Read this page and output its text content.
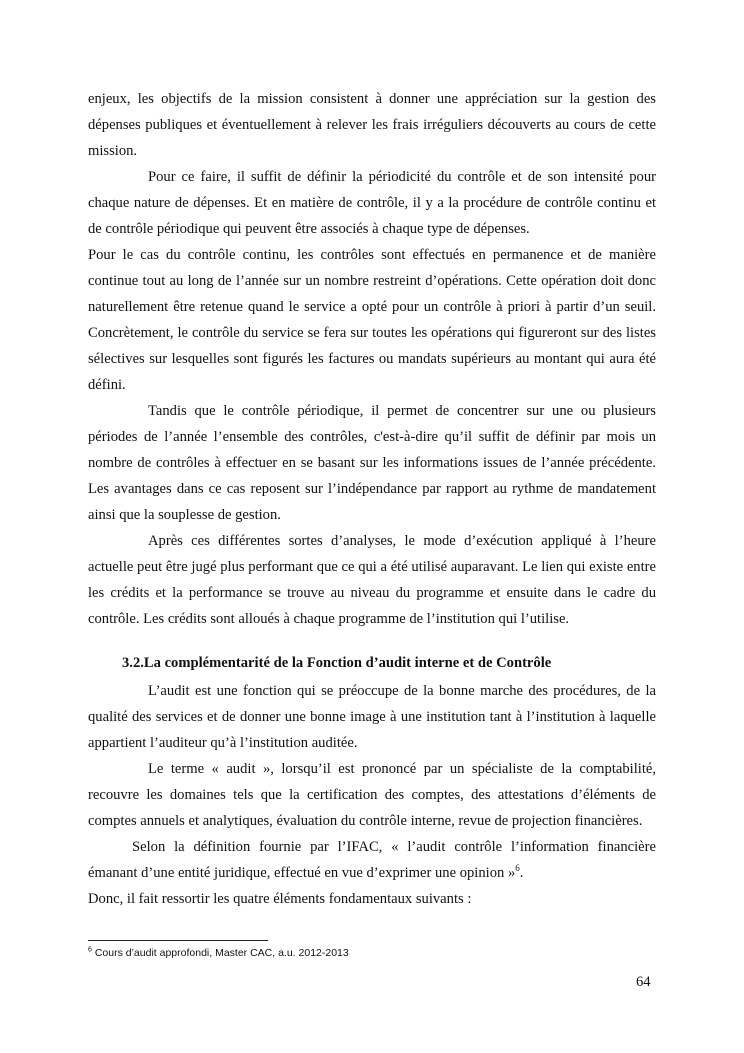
enjeux, les objectifs de la mission consistent à donner une appréciation sur la gestion des dépenses publiques et éventuellement à relever les frais irréguliers découverts au cours de cette mission.

Pour ce faire, il suffit de définir la périodicité du contrôle et de son intensité pour chaque nature de dépenses. Et en matière de contrôle, il y a la procédure de contrôle continu et de contrôle périodique qui peuvent être associés à chaque type de dépenses.

Pour le cas du contrôle continu, les contrôles sont effectués en permanence et de manière continue tout au long de l’année sur un nombre restreint d’opérations. Cette opération doit donc naturellement être retenue quand le service a opté pour un contrôle à priori à partir d’un seuil. Concrètement, le contrôle du service se fera sur toutes les opérations qui figureront sur des listes sélectives sur lesquelles sont figurés les factures ou mandats supérieurs au montant qui aura été défini.

Tandis que le contrôle périodique, il permet de concentrer sur une ou plusieurs périodes de l’année l’ensemble des contrôles, c'est-à-dire qu’il suffit de définir par mois un nombre de contrôles à effectuer en se basant sur les informations issues de l’année précédente. Les avantages dans ce cas reposent sur l’indépendance par rapport au rythme de mandatement ainsi que la souplesse de gestion.

Après ces différentes sortes d’analyses, le mode d’exécution appliqué à l’heure actuelle peut être jugé plus performant que ce qui a été utilisé auparavant. Le lien qui existe entre les crédits et la performance se trouve au niveau du programme et ensuite dans le cadre du contrôle. Les crédits sont alloués à chaque programme de l’institution qui l’utilise.

3.2.La complémentarité de la Fonction d’audit interne et de Contrôle

L’audit est une fonction qui se préoccupe de la bonne marche des procédures, de la qualité des services et de donner une bonne image à une institution tant à l’institution à laquelle appartient l’auditeur qu’à l’institution auditée.

Le terme « audit », lorsqu’il est prononcé par un spécialiste de la comptabilité, recouvre les domaines tels que la certification des comptes, des attestations d’éléments de comptes annuels et analytiques, évaluation du contrôle interne, revue de projection financières.

Selon la définition fournie par l’IFAC, « l’audit contrôle l’information financière émanant d’une entité juridique, effectué en vue d’exprimer une opinion »$^6$.

Donc, il fait ressortir les quatre éléments fondamentaux suivants :

$^6$ Cours d’audit approfondi, Master CAC, a.u. 2012-2013
64
